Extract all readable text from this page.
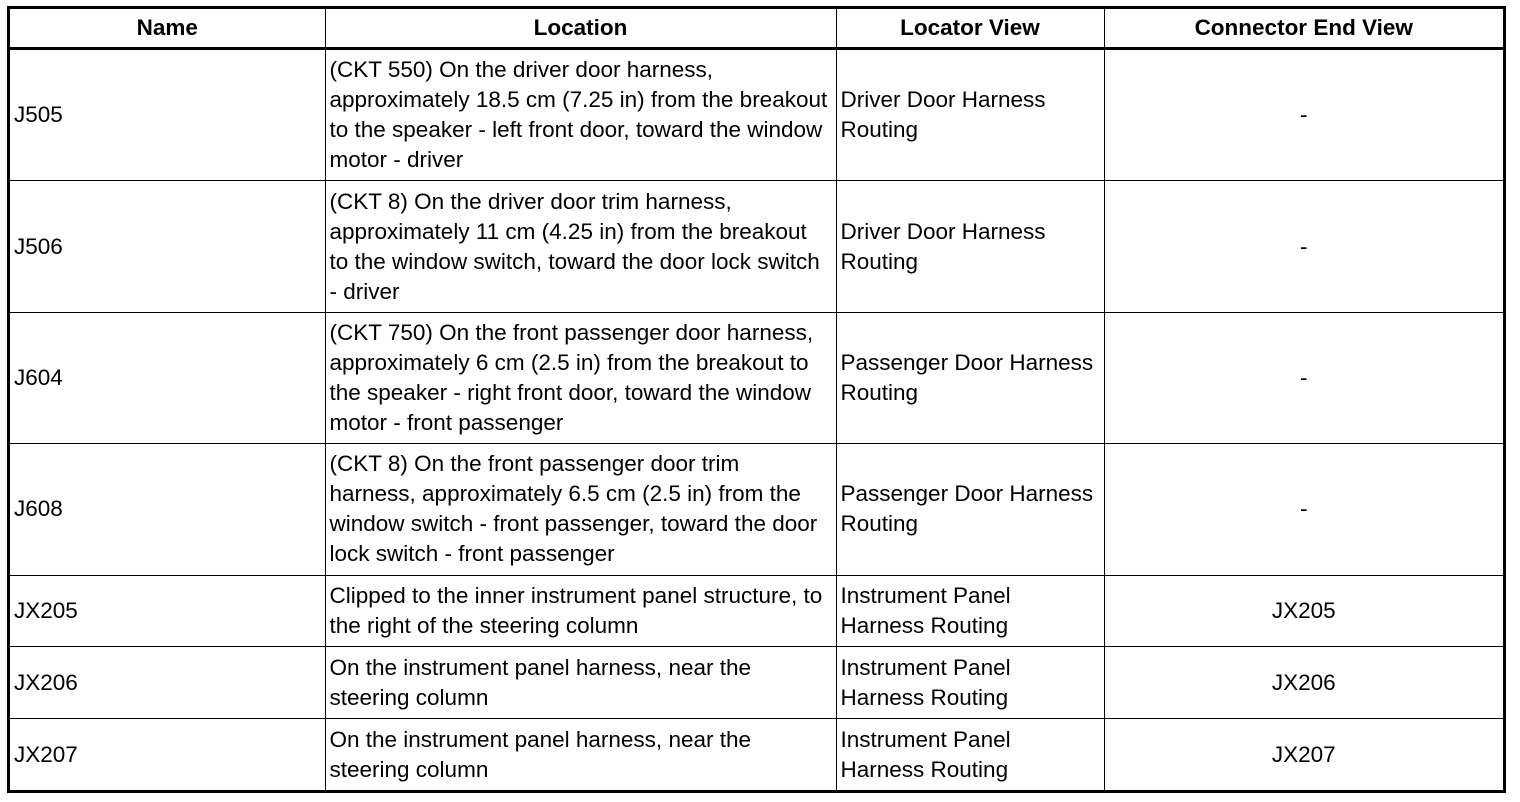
Name	Location	Locator View	Connector End View
J505	(CKT 550) On the driver door harness, approximately 18.5 cm (7.25 in) from the breakout to the speaker - left front door, toward the window motor - driver	Driver Door Harness Routing	-
J506	(CKT 8) On the driver door trim harness, approximately 11 cm (4.25 in) from the breakout to the window switch, toward the door lock switch - driver	Driver Door Harness Routing	-
J604	(CKT 750) On the front passenger door harness, approximately 6 cm (2.5 in) from the breakout to the speaker - right front door, toward the window motor - front passenger	Passenger Door Harness Routing	-
J608	(CKT 8) On the front passenger door trim harness, approximately 6.5 cm (2.5 in) from the window switch - front passenger, toward the door lock switch - front passenger	Passenger Door Harness Routing	-
JX205	Clipped to the inner instrument panel structure, to the right of the steering column	Instrument Panel Harness Routing	JX205
JX206	On the instrument panel harness, near the steering column	Instrument Panel Harness Routing	JX206
JX207	On the instrument panel harness, near the steering column	Instrument Panel Harness Routing	JX207
